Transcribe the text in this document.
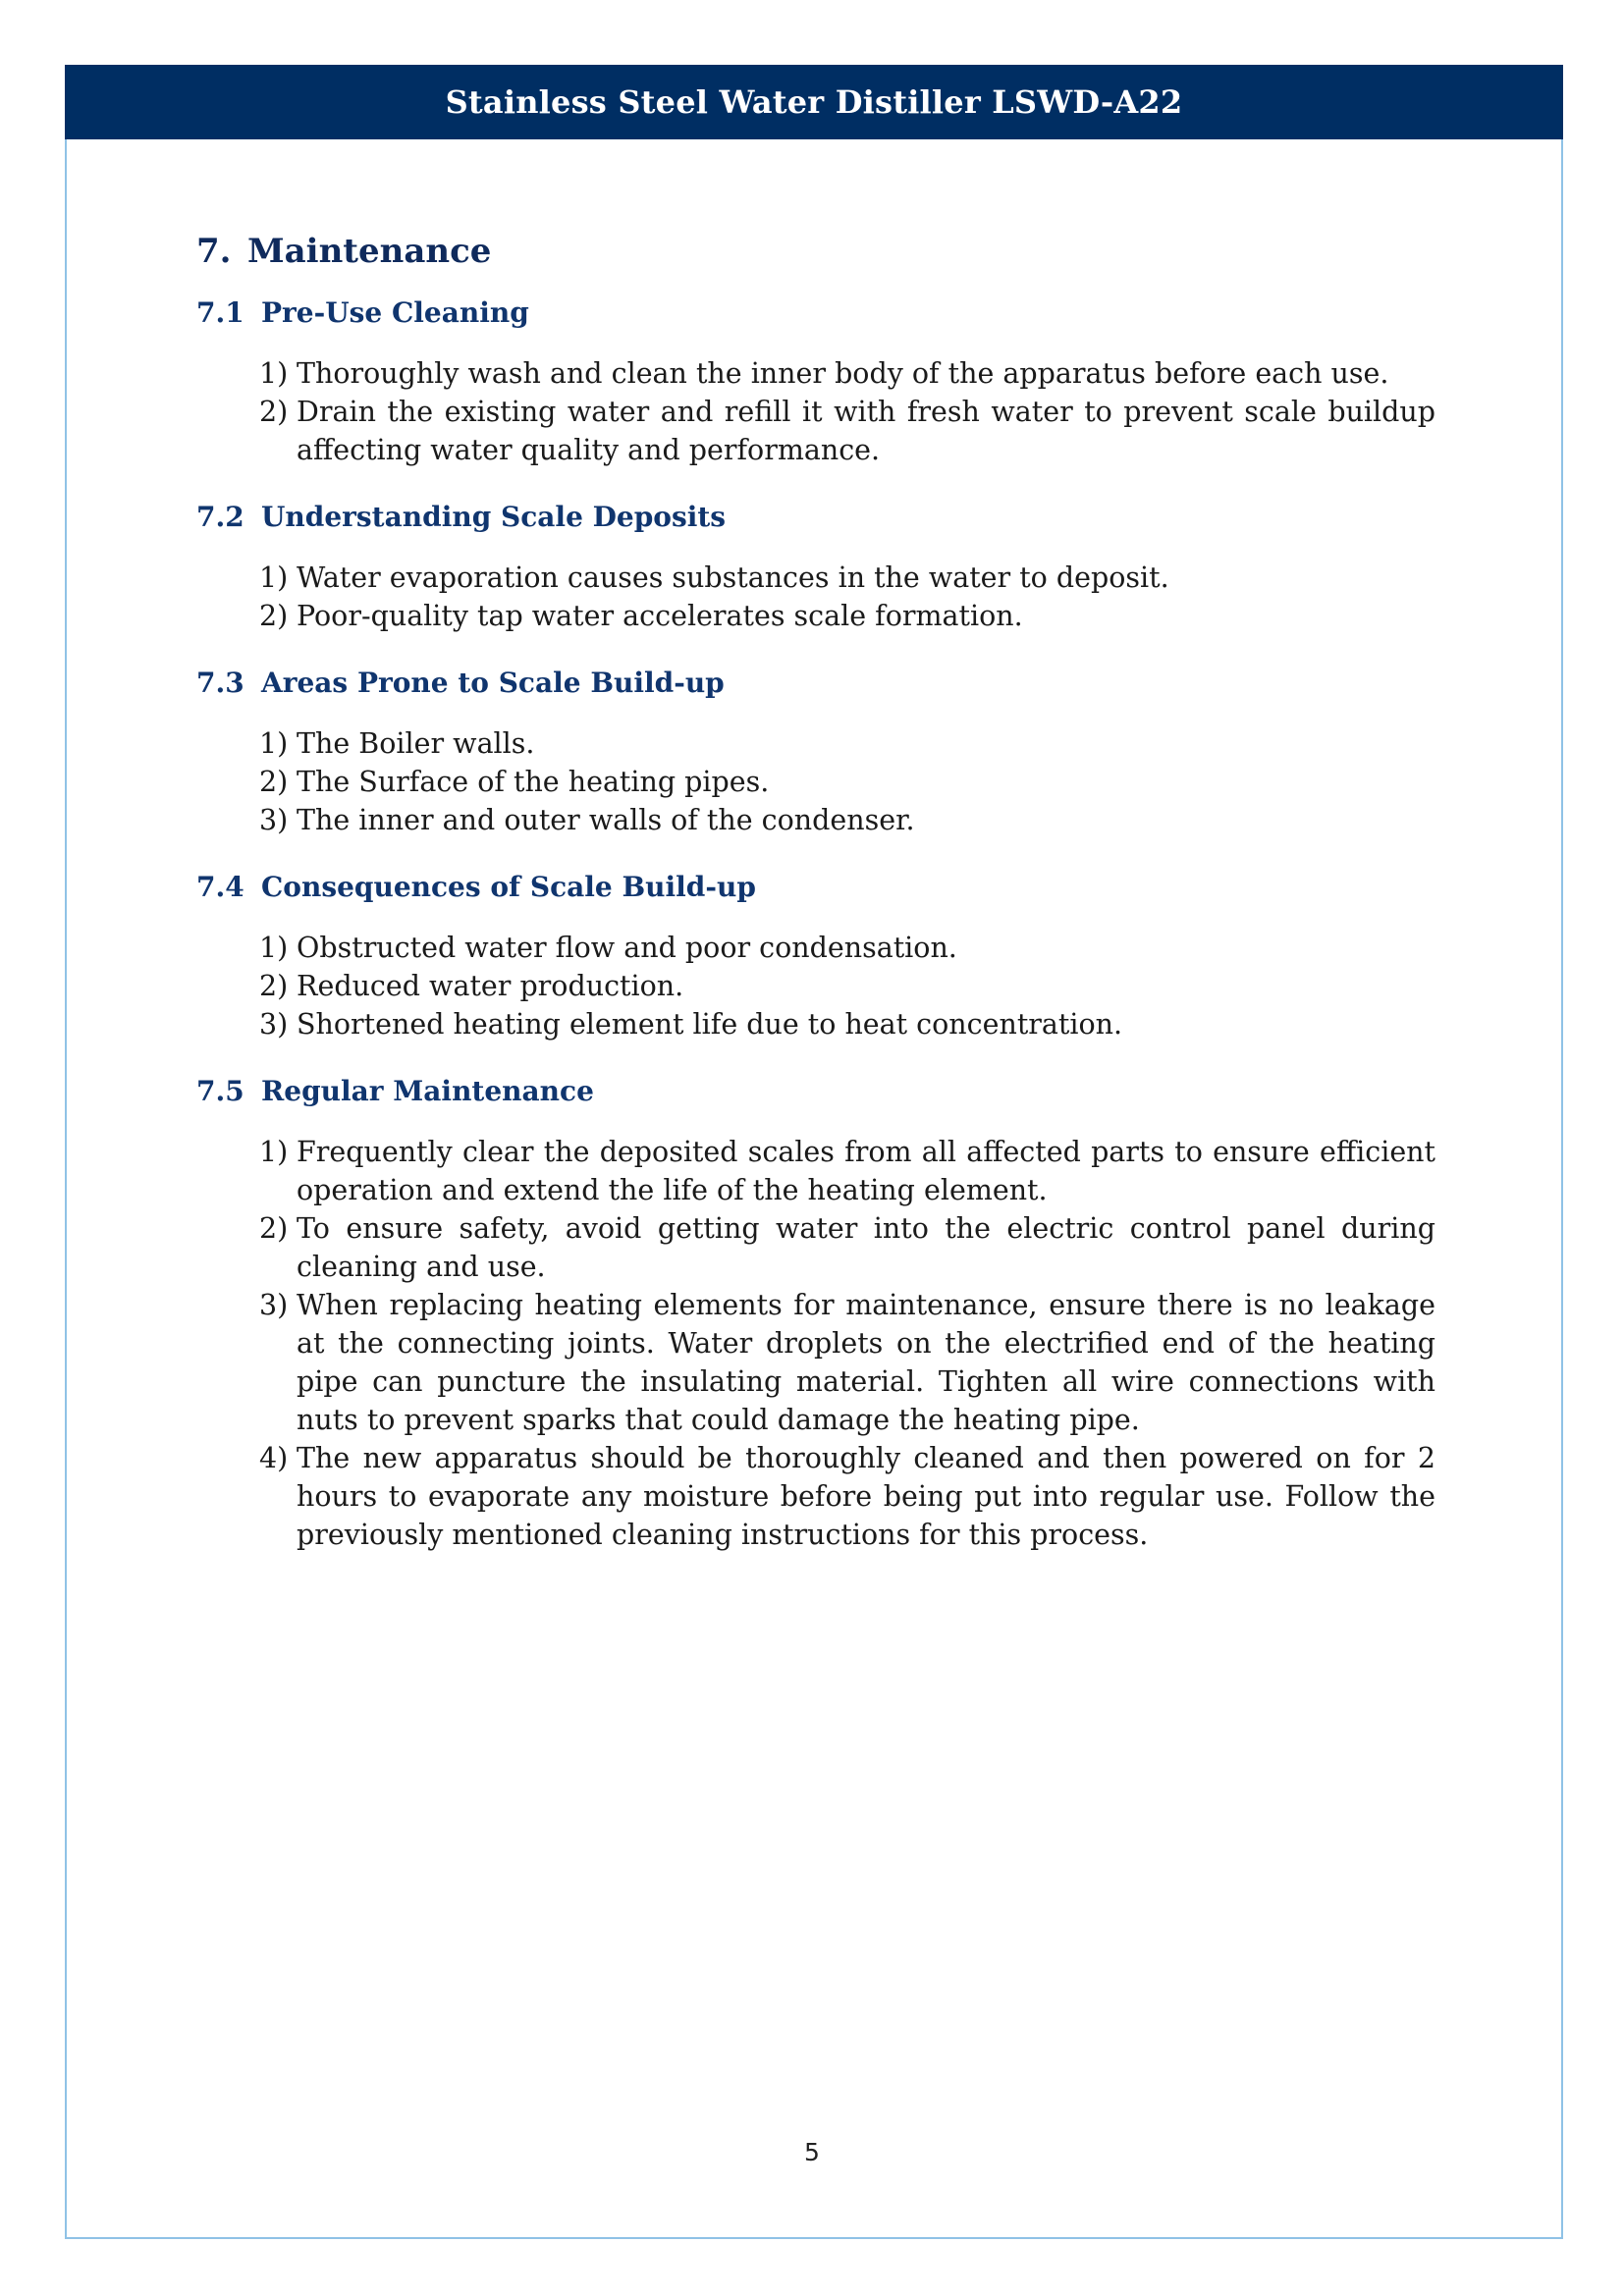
Stainless Steel Water Distiller LSWD-A22
7. Maintenance
7.1 Pre-Use Cleaning
1) Thoroughly wash and clean the inner body of the apparatus before each use.
2) Drain the existing water and refill it with fresh water to prevent scale buildup affecting water quality and performance.
7.2 Understanding Scale Deposits
1) Water evaporation causes substances in the water to deposit.
2) Poor-quality tap water accelerates scale formation.
7.3 Areas Prone to Scale Build-up
1) The Boiler walls.
2) The Surface of the heating pipes.
3) The inner and outer walls of the condenser.
7.4 Consequences of Scale Build-up
1) Obstructed water flow and poor condensation.
2) Reduced water production.
3) Shortened heating element life due to heat concentration.
7.5 Regular Maintenance
1) Frequently clear the deposited scales from all affected parts to ensure efficient operation and extend the life of the heating element.
2) To ensure safety, avoid getting water into the electric control panel during cleaning and use.
3) When replacing heating elements for maintenance, ensure there is no leakage at the connecting joints. Water droplets on the electrified end of the heating pipe can puncture the insulating material. Tighten all wire connections with nuts to prevent sparks that could damage the heating pipe.
4) The new apparatus should be thoroughly cleaned and then powered on for 2 hours to evaporate any moisture before being put into regular use. Follow the previously mentioned cleaning instructions for this process.
5
